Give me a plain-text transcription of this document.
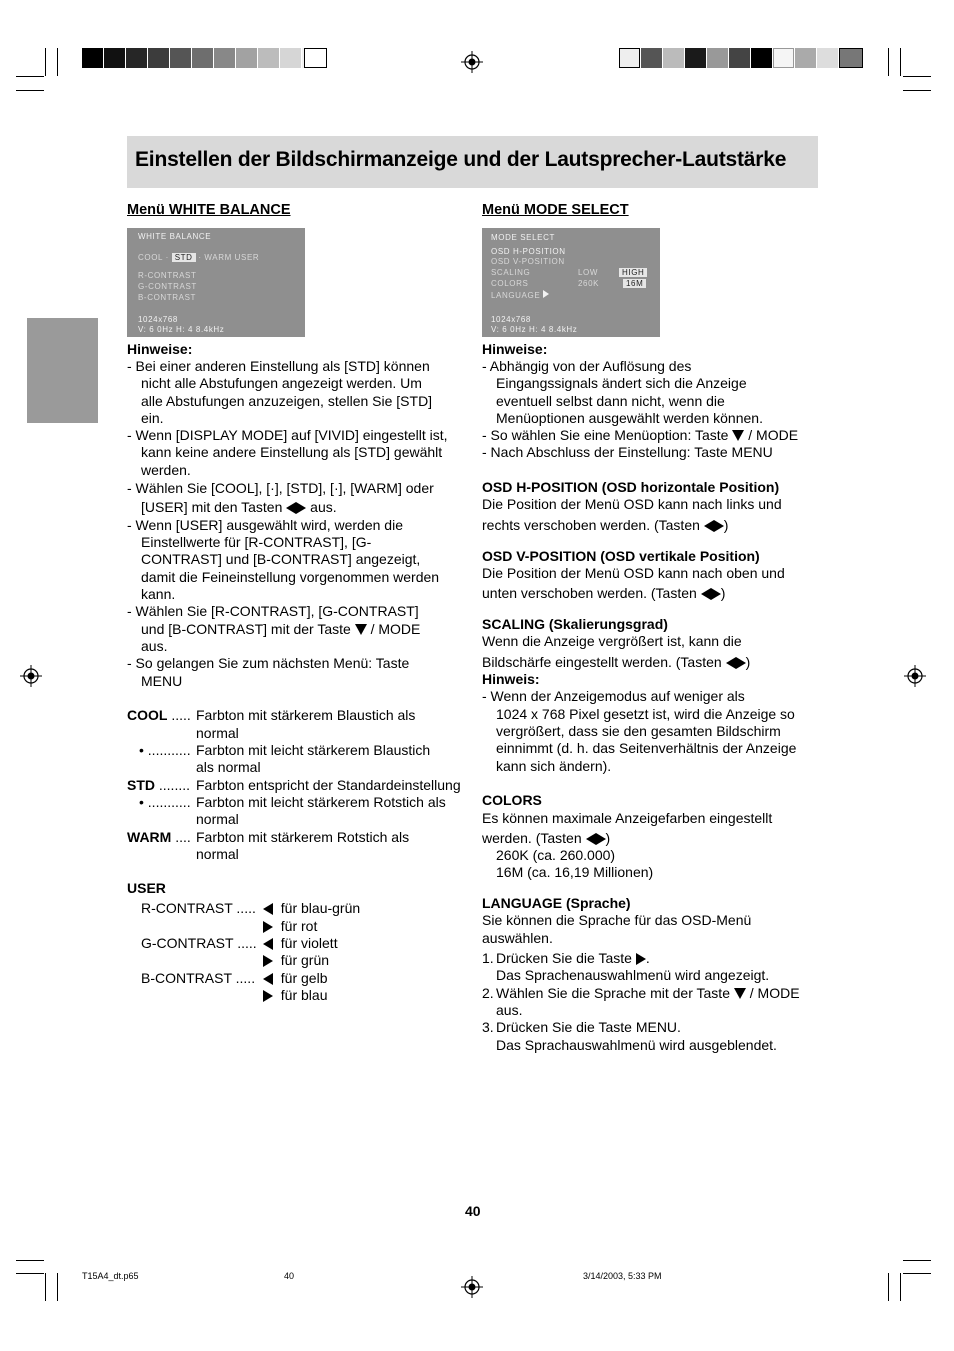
Einstellen der Bildschirmanzeige und der Lautsprecher-Lautstärke
Menü WHITE BALANCE
WHITE BALANCE
COOL · STD · WARM USER
R-CONTRAST
G-CONTRAST
B-CONTRAST
1024x768
V: 6 0Hz H: 4 8.4kHz
Hinweise:
- Bei einer anderen Einstellung als [STD] können
nicht alle Abstufungen angezeigt werden. Um
alle Abstufungen anzuzeigen, stellen Sie [STD]
ein.
- Wenn [DISPLAY MODE] auf [VIVID] eingestellt ist,
kann keine andere Einstellung als [STD] gewählt
werden.
- Wählen Sie [COOL], [·], [STD], [·], [WARM] oder
[USER] mit den Tasten aus.
- Wenn [USER] ausgewählt wird, werden die
Einstellwerte für [R-CONTRAST], [G-
CONTRAST] und [B-CONTRAST] angezeigt,
damit die Feineinstellung vorgenommen werden
kann.
- Wählen Sie [R-CONTRAST], [G-CONTRAST]
und [B-CONTRAST] mit der Taste / MODE
aus.
- So gelangen Sie zum nächsten Menü: Taste
MENU
COOL ..... Farbton mit stärkerem Blaustich als
normal
• ........... Farbton mit leicht stärkerem Blaustich
als normal
STD ........ Farbton entspricht der Standardeinstellung
• ........... Farbton mit leicht stärkerem Rotstich als
normal
WARM .... Farbton mit stärkerem Rotstich als
normal
USER
R-CONTRAST .....	für blau-grün
für rot
G-CONTRAST .....	für violett
für grün
B-CONTRAST .....	für gelb
für blau
Menü MODE SELECT
MODE SELECT
OSD H-POSITION
OSD V-POSITION
SCALING	LOW	HIGH
COLORS	260K	16M
LANGUAGE
1024x768
V: 6 0Hz H: 4 8.4kHz
Hinweise:
- Abhängig von der Auflösung des
Eingangssignals ändert sich die Anzeige
eventuell selbst dann nicht, wenn die
Menüoptionen ausgewählt werden können.
- So wählen Sie eine Menüoption: Taste / MODE
- Nach Abschluss der Einstellung: Taste MENU
OSD H-POSITION (OSD horizontale Position)
Die Position der Menü OSD kann nach links und
rechts verschoben werden. (Tasten )
OSD V-POSITION (OSD vertikale Position)
Die Position der Menü OSD kann nach oben und
unten verschoben werden. (Tasten )
SCALING (Skalierungsgrad)
Wenn die Anzeige vergrößert ist, kann die
Bildschärfe eingestellt werden. (Tasten )
Hinweis:
- Wenn der Anzeigemodus auf weniger als
1024 x 768 Pixel gesetzt ist, wird die Anzeige so
vergrößert, dass sie den gesamten Bildschirm
einnimmt (d. h. das Seitenverhältnis der Anzeige
kann sich ändern).
COLORS
Es können maximale Anzeigefarben eingestellt
werden. (Tasten )
260K (ca. 260.000)
16M (ca. 16,19 Millionen)
LANGUAGE (Sprache)
Sie können die Sprache für das OSD-Menü
auswählen.
1. Drücken Sie die Taste .
Das Sprachenauswahlmenü wird angezeigt.
2. Wählen Sie die Sprache mit der Taste / MODE
aus.
3. Drücken Sie die Taste MENU.
Das Sprachauswahlmenü wird ausgeblendet.
40
T15A4_dt.p65	40	3/14/2003, 5:33 PM
